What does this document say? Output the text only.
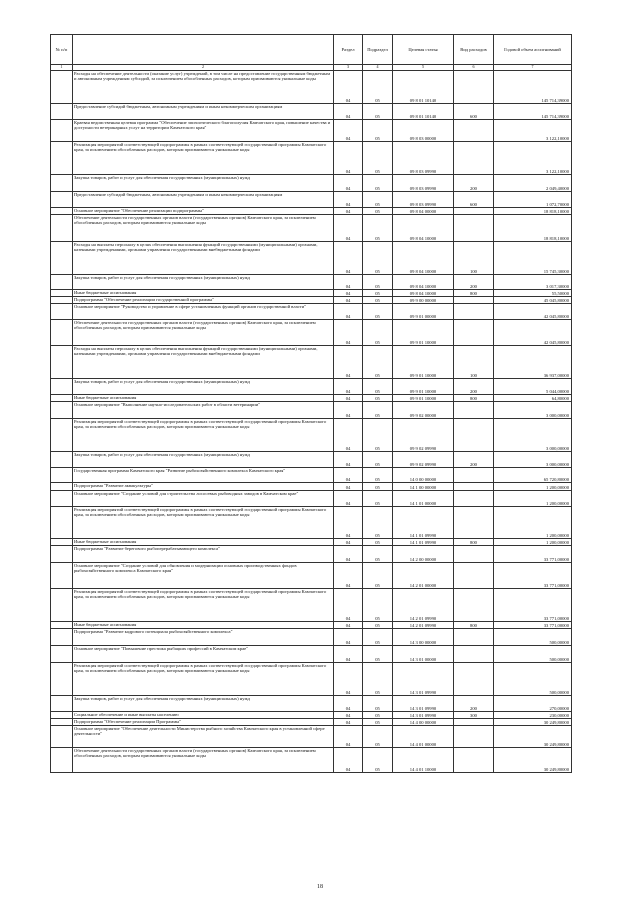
№ п/п		Раздел	Подраздел	Целевая статья	Вид расходов	Годовой объем ассигнований
1	2	3	4	5	6	7
	Расходы на обеспечение деятельности (оказание услуг) учреждений, в том числе на предоставление государственным бюджетным и автономным учреждениям субсидий, за исключением обособленных расходов, которым присваиваются уникальные коды	04	05	09 8 01 10140		145 714,39000
	Предоставление субсидий бюджетным, автономным учреждениям и иным некоммерческим организациям	04	05	09 8 01 10140	600	145 714,39000
	Краевая ведомственная целевая программа "Обеспечение эпизоотического благополучия Камчатского края, повышение качества и доступности ветеринарных услуг на территории Камчатского края"	04	05	09 8 03 00000		3 122,10000
	Реализация мероприятий соответствующей подпрограммы в рамках соответствующей государственной программы Камчатского края, за исключением обособленных расходов, которым присваиваются уникальные коды	04	05	09 8 03 09990		3 122,10000
	Закупка товаров, работ и услуг для обеспечения государственных (муниципальных) нужд	04	05	09 8 03 09990	200	2 049,40000
	Предоставление субсидий бюджетным, автономным учреждениям и иным некоммерческим организациям	04	05	09 8 03 09990	600	1 072,70000
	Основное мероприятие "Обеспечение реализации подпрограммы"	04	05	09 8 04 00000		18 818,10000
	Обеспечение деятельности государственных органов власти (государственных органов) Камчатского края, за исключением обособленных расходов, которым присваиваются уникальные коды	04	05	09 8 04 10000		18 818,10000
	Расходы на выплаты персоналу в целях обеспечения выполнения функций государственными (муниципальными) органами, казенными учреждениями, органами управления государственными внебюджетными фондами	04	05	09 8 04 10000	100	15 745,30000
	Закупка товаров, работ и услуг для обеспечения государственных (муниципальных) нужд	04	05	09 8 04 10000	200	3 017,30000
	Иные бюджетные ассигнования	04	05	09 8 04 10000	800	55,50000
	Подпрограмма "Обеспечение реализации государственной программы"	04	05	09 9 00 00000		45 045,80000
	Основное мероприятие "Руководство и управление в сфере установленных функций органов государственной власти"	04	05	09 9 01 00000		42 045,80000
	Обеспечение деятельности государственных органов власти (государственных органов) Камчатского края, за исключением обособленных расходов, которым присваиваются уникальные коды	04	05	09 9 01 10000		42 045,80000
	Расходы на выплаты персоналу в целях обеспечения выполнения функций государственными (муниципальными) органами, казенными учреждениями, органами управления государственными внебюджетными фондами	04	05	09 9 01 10000	100	36 937,00000
	Закупка товаров, работ и услуг для обеспечения государственных (муниципальных) нужд	04	05	09 9 01 10000	200	5 044,00000
	Иные бюджетные ассигнования	04	05	09 9 01 10000	800	64,80000
	Основное мероприятие "Выполнение научно-исследовательских работ в области ветеринарии"	04	05	09 9 02 00000		3 000,00000
	Реализация мероприятий соответствующей подпрограммы в рамках соответствующей государственной программы Камчатского края, за исключением обособленных расходов, которым присваиваются уникальные коды	04	05	09 9 02 09990		3 000,00000
	Закупка товаров, работ и услуг для обеспечения государственных (муниципальных) нужд	04	05	09 9 02 09990	200	3 000,00000
	Государственная программа Камчатского края "Развитие рыбохозяйственного комплекса Камчатского края"	04	05	14 0 00 00000		65 720,80000
	Подпрограмма "Развитие аквакультуры"	04	05	14 1 00 00000		1 200,00000
	Основное мероприятие "Создание условий для строительства лососевых рыбоводных заводов в Камчатском крае"	04	05	14 1 01 00000		1 200,00000
	Реализация мероприятий соответствующей подпрограммы в рамках соответствующей государственной программы Камчатского края, за исключением обособленных расходов, которым присваиваются уникальные коды	04	05	14 1 01 09990		1 200,00000
	Иные бюджетные ассигнования	04	05	14 1 01 09990	800	1 200,00000
	Подпрограмма "Развитие берегового рыбоперерабатывающего комплекса"	04	05	14 2 00 00000		33 771,00000
	Основное мероприятие "Создание условий для обновления и модернизации основных производственных фондов рыбохозяйственного комплекса Камчатского края"	04	05	14 2 01 00000		33 771,00000
	Реализация мероприятий соответствующей подпрограммы в рамках соответствующей государственной программы Камчатского края, за исключением обособленных расходов, которым присваиваются уникальные коды	04	05	14 2 01 09990		33 771,00000
	Иные бюджетные ассигнования	04	05	14 2 01 09990	800	33 771,00000
	Подпрограмма "Развитие кадрового потенциала рыбохозяйственного комплекса"	04	05	14 3 00 00000		500,00000
	Основное мероприятие "Повышение престижа рыбацких профессий в Камчатском крае"	04	05	14 3 01 00000		500,00000
	Реализация мероприятий соответствующей подпрограммы в рамках соответствующей государственной программы Камчатского края, за исключением обособленных расходов, которым присваиваются уникальные коды	04	05	14 3 01 09990		500,00000
	Закупка товаров, работ и услуг для обеспечения государственных (муниципальных) нужд	04	05	14 3 01 09990	200	270,00000
	Социальное обеспечение и иные выплаты населению	04	05	14 3 01 09990	300	230,00000
	Подпрограмма "Обеспечение реализации Программы"	04	05	14 4 00 00000		30 249,80000
	Основное мероприятие "Обеспечение деятельности Министерства рыбного хозяйства Камчатского края в установленной сфере деятельности"	04	05	14 4 01 00000		30 249,80000
	Обеспечение деятельности государственных органов власти (государственных органов) Камчатского края, за исключением обособленных расходов, которым присваиваются уникальные коды	04	05	14 4 01 10000		30 249,80000
18
